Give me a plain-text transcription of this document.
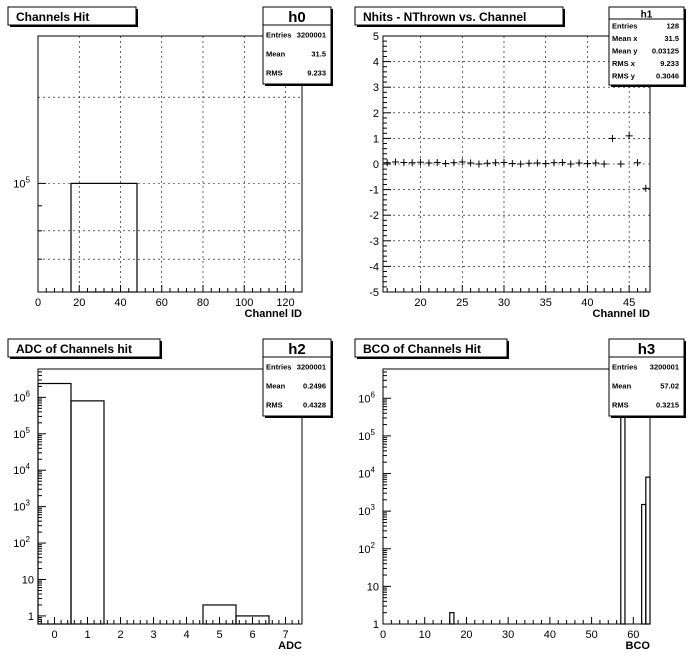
0	20	40	60	80 100 120
Channel ID
$10^5$
Channels Hit	h0
Entries 3200001
Mean	31.5
RMS	9.233
20	25	30	35	40	45
Channel ID
-5
-4
-3
-2
-1
0
1
2
3
4
5
Nhits - NThrown vs. Channel	h1
Entries	128
Mean x	31.5
Mean y 0.03125
RMS x	9.233
RMS y	0.3046
0 1 2 3 4 5 6 7
ADC
1
10
$10^2$
$10^3$
$10^4$
$10^5$
$10^6$
ADC of Channels hit	h2
Entries 3200001
Mean 0.2496
RMS	0.4328
0	10	20	30	40	50	60
BCO
1
10
$10^2$
$10^3$
$10^4$
$10^5$
$10^6$
BCO of Channels Hit	h3
Entries 3200001
Mean	57.02
RMS	0.3215
